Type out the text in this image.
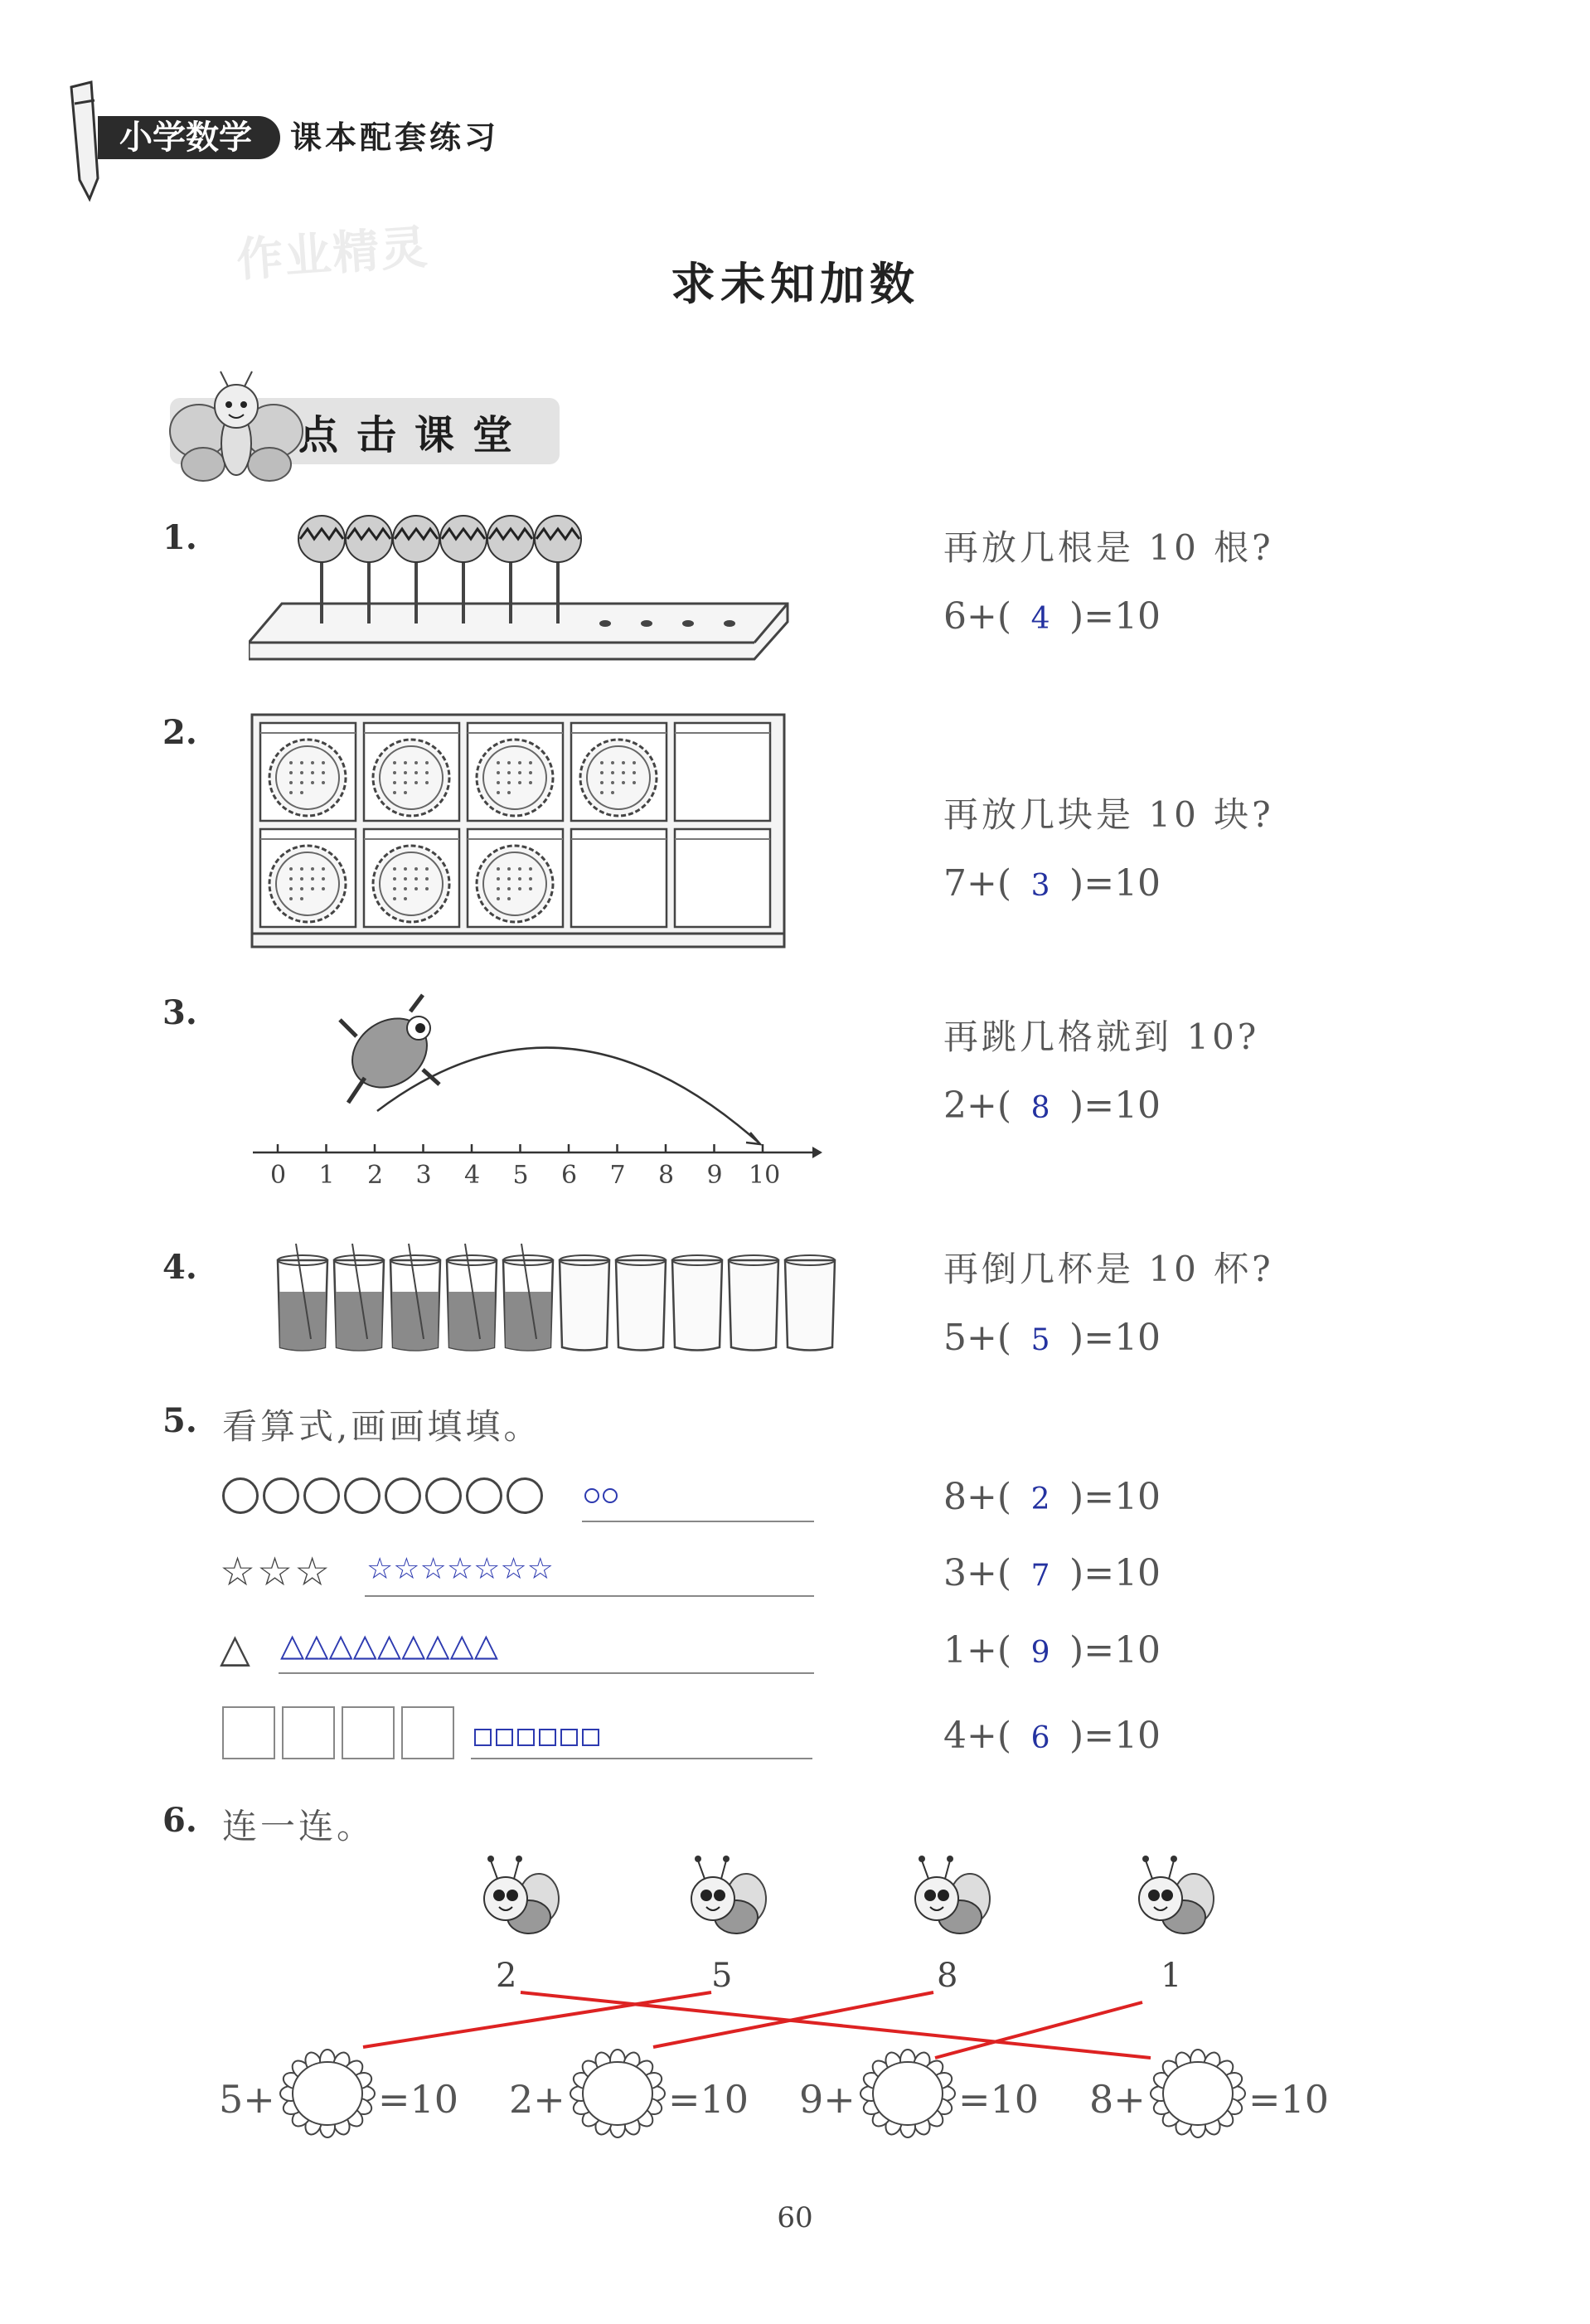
小学数学	课本配套练习
作业精灵	求未知加数
点击课堂
1.	再放几根是 10 根?
6+( 4 )=10
2.
再放几块是 10 块?
7+( 3 )=10
3.
0 1 2 3 4 5 6 7 8 9 10
再跳几格就到 10?
2+( 8 )=10
4.	再倒几杯是 10 杯?
5+( 5 )=10
5. 看算式,画画填填。
8+( 2 )=10
☆☆☆ ☆☆☆☆☆☆☆	3+( 7 )=10
△ △△△△△△△△△	1+( 9 )=10
4+( 6 )=10
6. 连一连。
2	5	8	1
5+	=10 2+	=10 9+	=10 8+	=10
60
